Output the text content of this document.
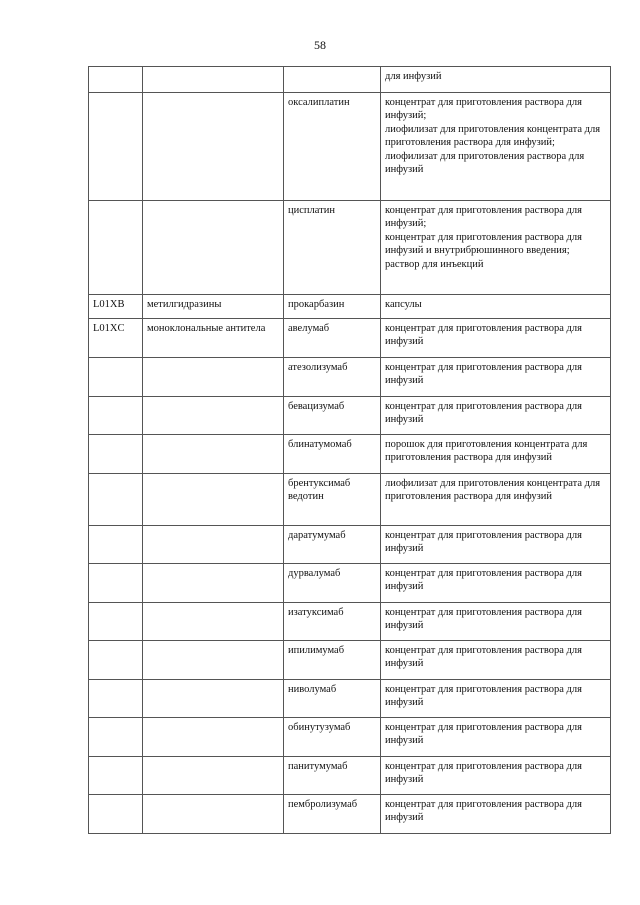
58

			для инфузий

		оксалиплатин	концентрат для приготовления раствора для инфузий;
лиофилизат для приготовления концентрата для приготовления раствора для инфузий;
лиофилизат для приготовления раствора для инфузий

		цисплатин	концентрат для приготовления раствора для инфузий;
концентрат для приготовления раствора для инфузий и внутрибрюшинного введения;
раствор для инъекций

L01XB	метилгидразины	прокарбазин	капсулы

L01XC	моноклональные антитела	авелумаб	концентрат для приготовления раствора для инфузий

		атезолизумаб	концентрат для приготовления раствора для инфузий

		бевацизумаб	концентрат для приготовления раствора для инфузий

		блинатумомаб	порошок для приготовления концентрата для приготовления раствора для инфузий

		брентуксимаб ведотин	лиофилизат для приготовления концентрата для приготовления раствора для инфузий

		даратумумаб	концентрат для приготовления раствора для инфузий

		дурвалумаб	концентрат для приготовления раствора для инфузий

		изатуксимаб	концентрат для приготовления раствора для инфузий

		ипилимумаб	концентрат для приготовления раствора для инфузий

		ниволумаб	концентрат для приготовления раствора для инфузий

		обинутузумаб	концентрат для приготовления раствора для инфузий

		панитумумаб	концентрат для приготовления раствора для инфузий

		пембролизумаб	концентрат для приготовления раствора для инфузий
